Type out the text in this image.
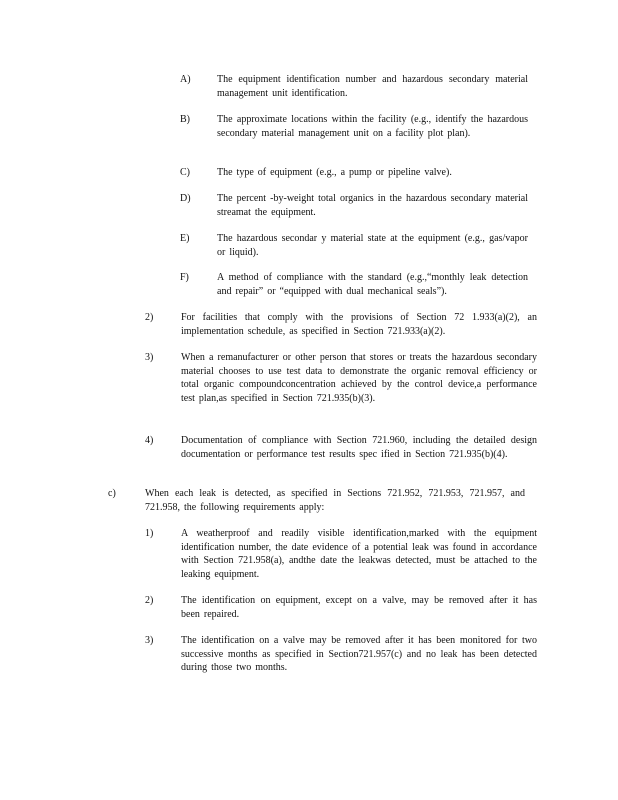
A)	The equipment identification number and hazardous secondary material management unit identification.
B)	The approximate locations within the facility (e.g., identify the hazardous secondary material management unit on a facility plot plan).
C)	The type of equipment (e.g., a pump or pipeline valve).
D)	The percent -by-weight total organics in the hazardous secondary material streamat the equipment.
E)	The hazardous secondar y material state at the equipment (e.g., gas/vapor or liquid).
F)	A method of compliance with the standard (e.g.,“monthly leak detection and repair” or “equipped with dual mechanical seals”).
2)	For facilities that comply with the provisions of Section 72 1.933(a)(2), an implementation schedule, as specified in Section 721.933(a)(2).
3)	When a remanufacturer or other person that stores or treats the hazardous secondary material chooses to use test data to demonstrate the organic removal efficiency or total organic compoundconcentration achieved by the control device,a performance test plan,as specified in Section 721.935(b)(3).
4)	Documentation of compliance with Section 721.960, including the detailed design documentation or performance test results spec ified in Section 721.935(b)(4).
c)	When each leak is detected, as specified in Sections 721.952, 721.953, 721.957, and 721.958, the following requirements apply:
1)	A weatherproof and readily visible identification,marked with the equipment identification number, the date evidence of a potential leak was found in accordance with Section 721.958(a), andthe date the leakwas detected, must be attached to the leaking equipment.
2)	The identification on equipment, except on a valve, may be removed after it has been repaired.
3)	The identification on a valve may be removed after it has been monitored for two successive months as specified in Section721.957(c) and no leak has been detected during those two months.
